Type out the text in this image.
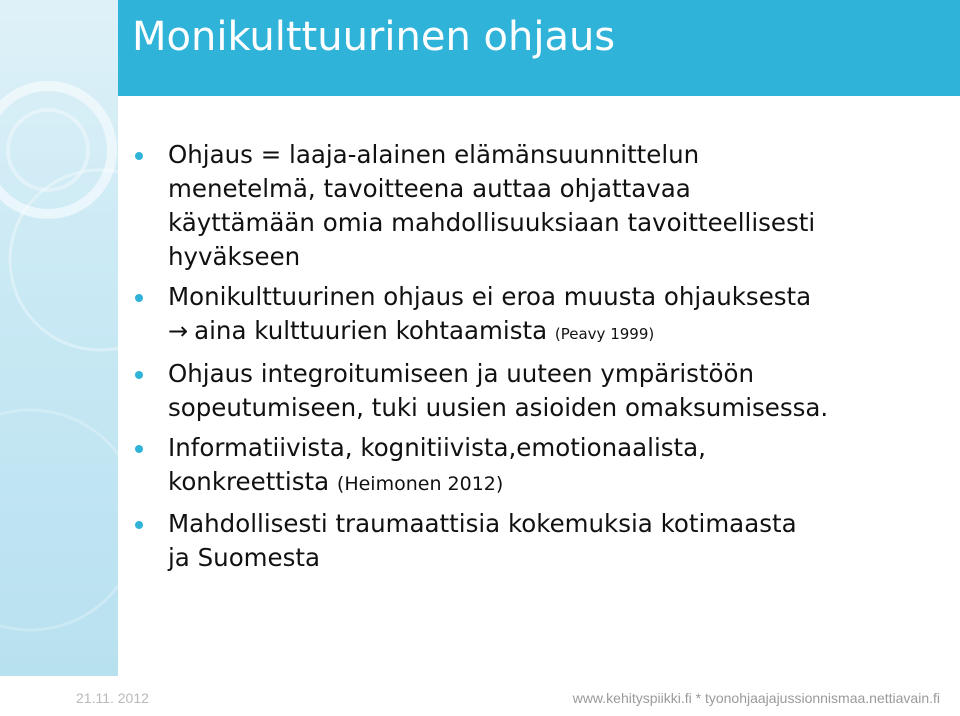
Monikulttuurinen ohjaus
Ohjaus = laaja-alainen elämänsuunnittelun
menetelmä, tavoitteena auttaa ohjattavaa
käyttämään omia mahdollisuuksiaan tavoitteellisesti
hyväkseen
Monikulttuurinen ohjaus ei eroa muusta ohjauksesta
→ aina kulttuurien kohtaamista (Peavy 1999)
Ohjaus integroitumiseen ja uuteen ympäristöön
sopeutumiseen, tuki uusien asioiden omaksumisessa.
Informatiivista, kognitiivista,emotionaalista,
konkreettista (Heimonen 2012)
Mahdollisesti traumaattisia kokemuksia kotimaasta
ja Suomesta
21.11. 2012	www.kehityspiikki.fi * tyonohjaajajussionnismaa.nettiavain.fi
